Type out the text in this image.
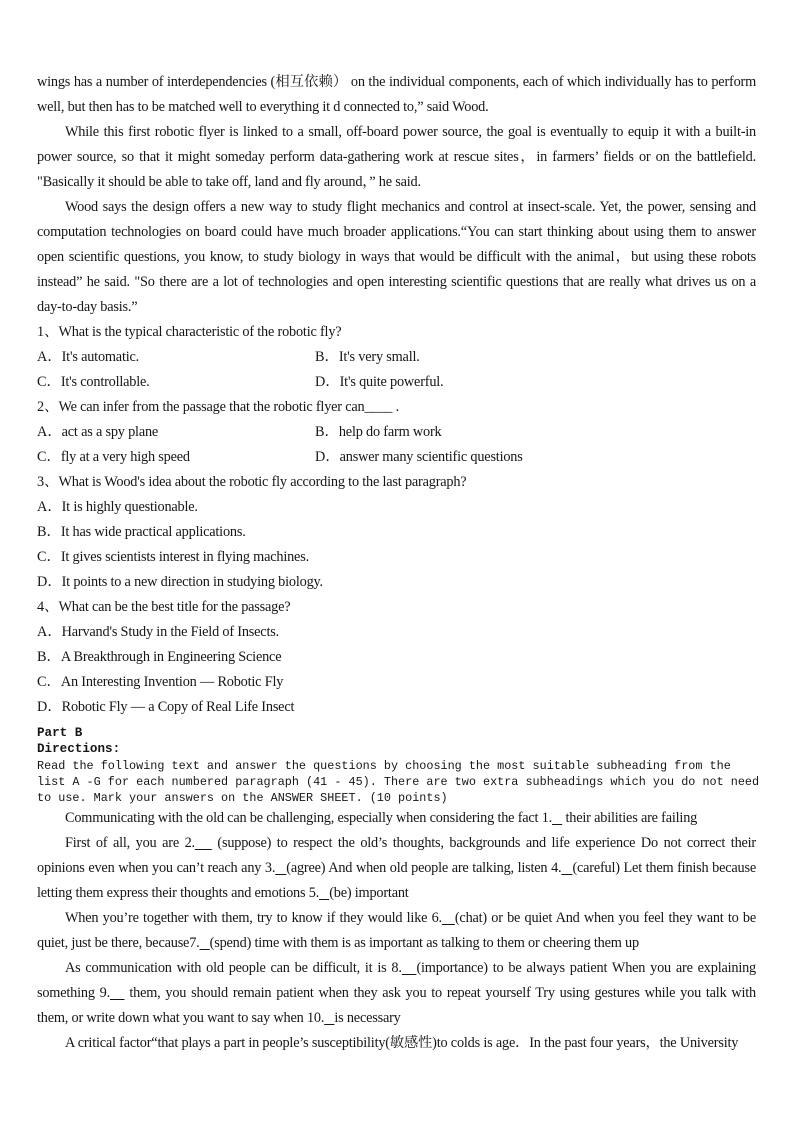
wings has a number of interdependencies (相互依赖） on the individual components, each of which individually has to perform well, but then has to be matched well to everything it d connected to,” said Wood.

While this first robotic flyer is linked to a small, off-board power source, the goal is eventually to equip it with a built-in power source, so that it might someday perform data-gathering work at rescue sites，in farmers’ fields or on the battlefield. "Basically it should be able to take off, land and fly around，” he said.

Wood says the design offers a new way to study flight mechanics and control at insect-scale. Yet, the power, sensing and computation technologies on board could have much broader applications.“You can start thinking about using them to answer open scientific questions, you know, to study biology in ways that would be difficult with the animal，but using these robots instead” he said. "So there are a lot of technologies and open interesting scientific questions that are really what drives us on a day-to-day basis.”

1、What is the typical characteristic of the robotic fly?
A．It's automatic.	B．It's very small.
C．It's controllable.	D．It's quite powerful.
2、We can infer from the passage that the robotic flyer can____ .
A．act as a spy plane	B．help do farm work
C．fly at a very high speed	D．answer many scientific questions
3、What is Wood's idea about the robotic fly according to the last paragraph?
A．It is highly questionable.
B．It has wide practical applications.
C．It gives scientists interest in flying machines.
D．It points to a new direction in studying biology.
4、What can be the best title for the passage?
A．Harvand's Study in the Field of Insects.
B．A Breakthrough in Engineering Science
C．An Interesting Invention — Robotic Fly
D．Robotic Fly — a Copy of Real Life Insect
Part B
Directions:
Read the following text and answer the questions by choosing the most suitable subheading from the
list A -G for each numbered paragraph (41 - 45). There are two extra subheadings which you do not need
to use. Mark your answers on the ANSWER SHEET. (10 points)

Communicating with the old can be challenging, especially when considering the fact 1.    their abilities are failing

First of all, you are 2.    (suppose) to respect the old’s thoughts, backgrounds and life experience Do not correct their opinions even when you can’t reach any 3. (agree) And when old people are talking, listen 4. (careful) Let them finish because letting them express their thoughts and emotions 5. (be) important

When you’re together with them, try to know if they would like 6. (chat) or be quiet And when you feel they want to be quiet, just be there, because7. (spend) time with them is as important as talking to them or cheering them up

As communication with old people can be difficult, it is 8. (importance) to be always patient When you are explaining something 9.    them, you should remain patient when they ask you to repeat yourself Try using gestures while you talk with them, or write down what you want to say when 10. is necessary

A critical factor“that plays a part in people’s susceptibility(敏感性)to colds is age．In the past four years，the University
